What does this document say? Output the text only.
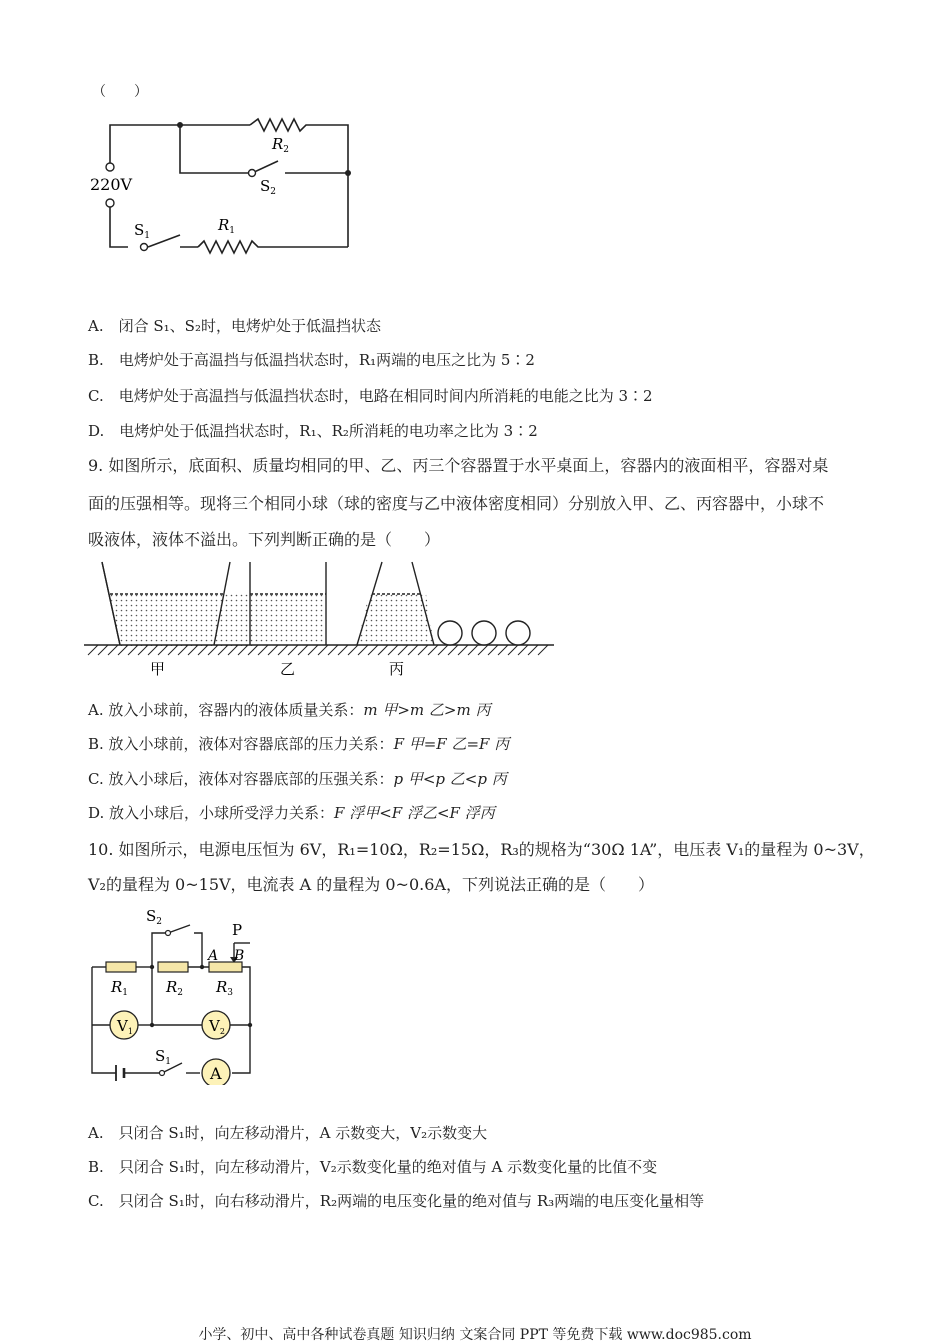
（　　）
220V
$R_2$
$S_2$
$S_1$
$R_1$
A.　 闭合 S₁、S₂时，电烤炉处于低温挡状态
B.　 电烤炉处于高温挡与低温挡状态时，R₁两端的电压之比为 5∶2
C.　 电烤炉处于高温挡与低温挡状态时，电路在相同时间内所消耗的电能之比为 3∶2
D.　 电烤炉处于低温挡状态时，R₁、R₂所消耗的电功率之比为 3∶2
9. 如图所示，底面积、质量均相同的甲、乙、丙三个容器置于水平桌面上，容器内的液面相平，容器对桌
面的压强相等。现将三个相同小球（球的密度与乙中液体密度相同）分别放入甲、乙、丙容器中，小球不
吸液体，液体不溢出。下列判断正确的是（　　）
甲	乙	丙
A. 放入小球前，容器内的液体质量关系：m 甲>m 乙>m 丙
B. 放入小球前，液体对容器底部的压力关系：F 甲=F 乙=F 丙
C. 放入小球后，液体对容器底部的压强关系：p 甲<p 乙<p 丙
D. 放入小球后，小球所受浮力关系：F 浮甲<F 浮乙<F 浮丙
10. 如图所示，电源电压恒为 6V，R₁=10Ω，R₂=15Ω，R₃的规格为“30Ω 1A”，电压表 V₁的量程为 0~3V，
V₂的量程为 0~15V，电流表 A 的量程为 0~0.6A，下列说法正确的是（　　）
$V_1$	$V_2$
A
$S_2$
$S_1$
P
A B
$R_1$	$R_2$ $R_3$
A.　 只闭合 S₁时，向左移动滑片，A 示数变大，V₂示数变大
B.　 只闭合 S₁时，向左移动滑片，V₂示数变化量的绝对值与 A 示数变化量的比值不变
C.　 只闭合 S₁时，向右移动滑片，R₂两端的电压变化量的绝对值与 R₃两端的电压变化量相等
小学、初中、高中各种试卷真题 知识归纳 文案合同 PPT 等免费下载 www.doc985.com
